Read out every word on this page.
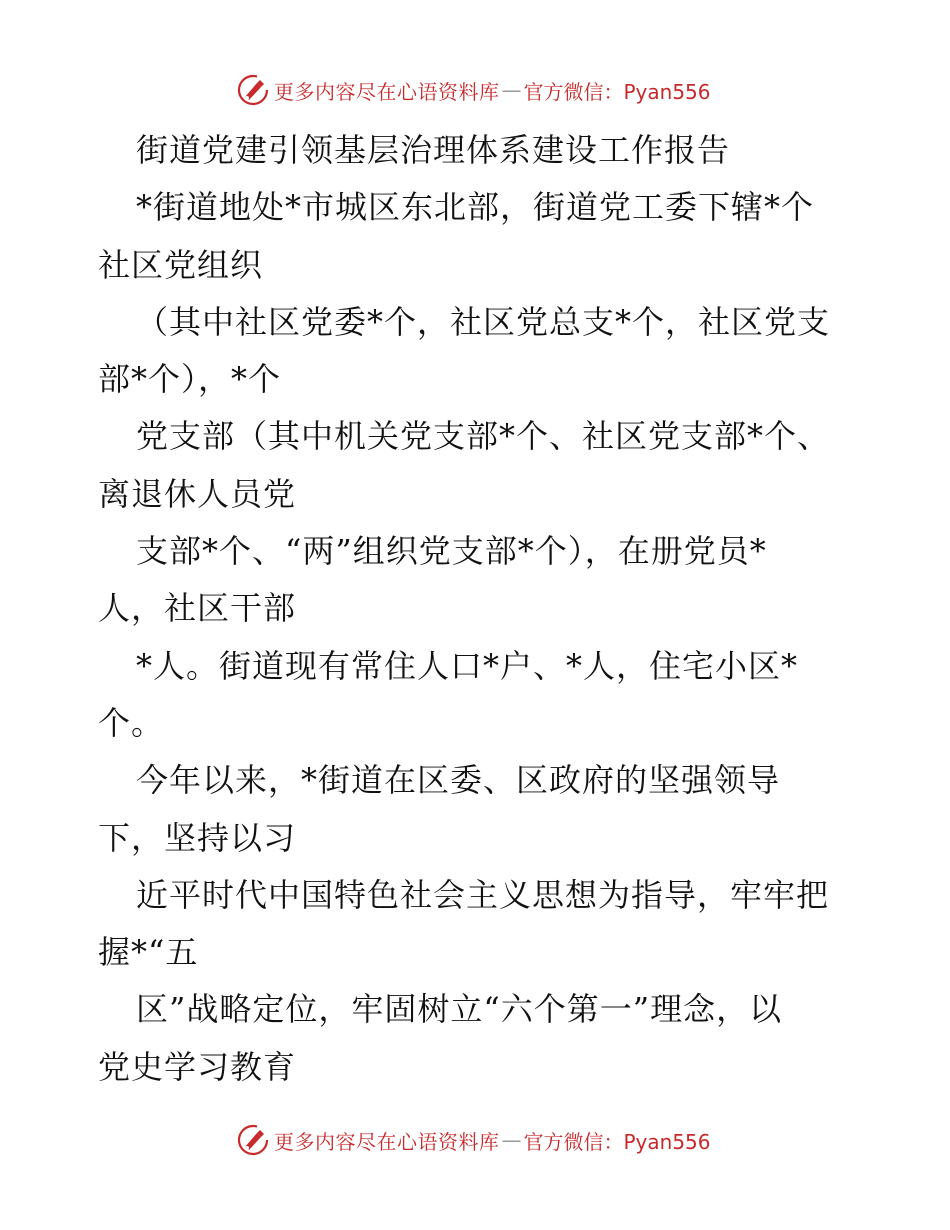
更多内容尽在心语资料库 — 官方微信：Pyan556
街道党建引领基层治理体系建设工作报告
*街道地处*市城区东北部，街道党工委下辖*个
社区党组织
（其中社区党委*个，社区党总支*个，社区党支
部*个），*个
党支部（其中机关党支部*个、社区党支部*个、
离退休人员党
支部*个、“两”组织党支部*个），在册党员*
人，社区干部
*人。街道现有常住人口*户、*人，住宅小区*
个。
今年以来，*街道在区委、区政府的坚强领导
下，坚持以习
近平时代中国特色社会主义思想为指导，牢牢把
握*“五
区”战略定位，牢固树立“六个第一”理念，以
党史学习教育
更多内容尽在心语资料库 — 官方微信：Pyan556
